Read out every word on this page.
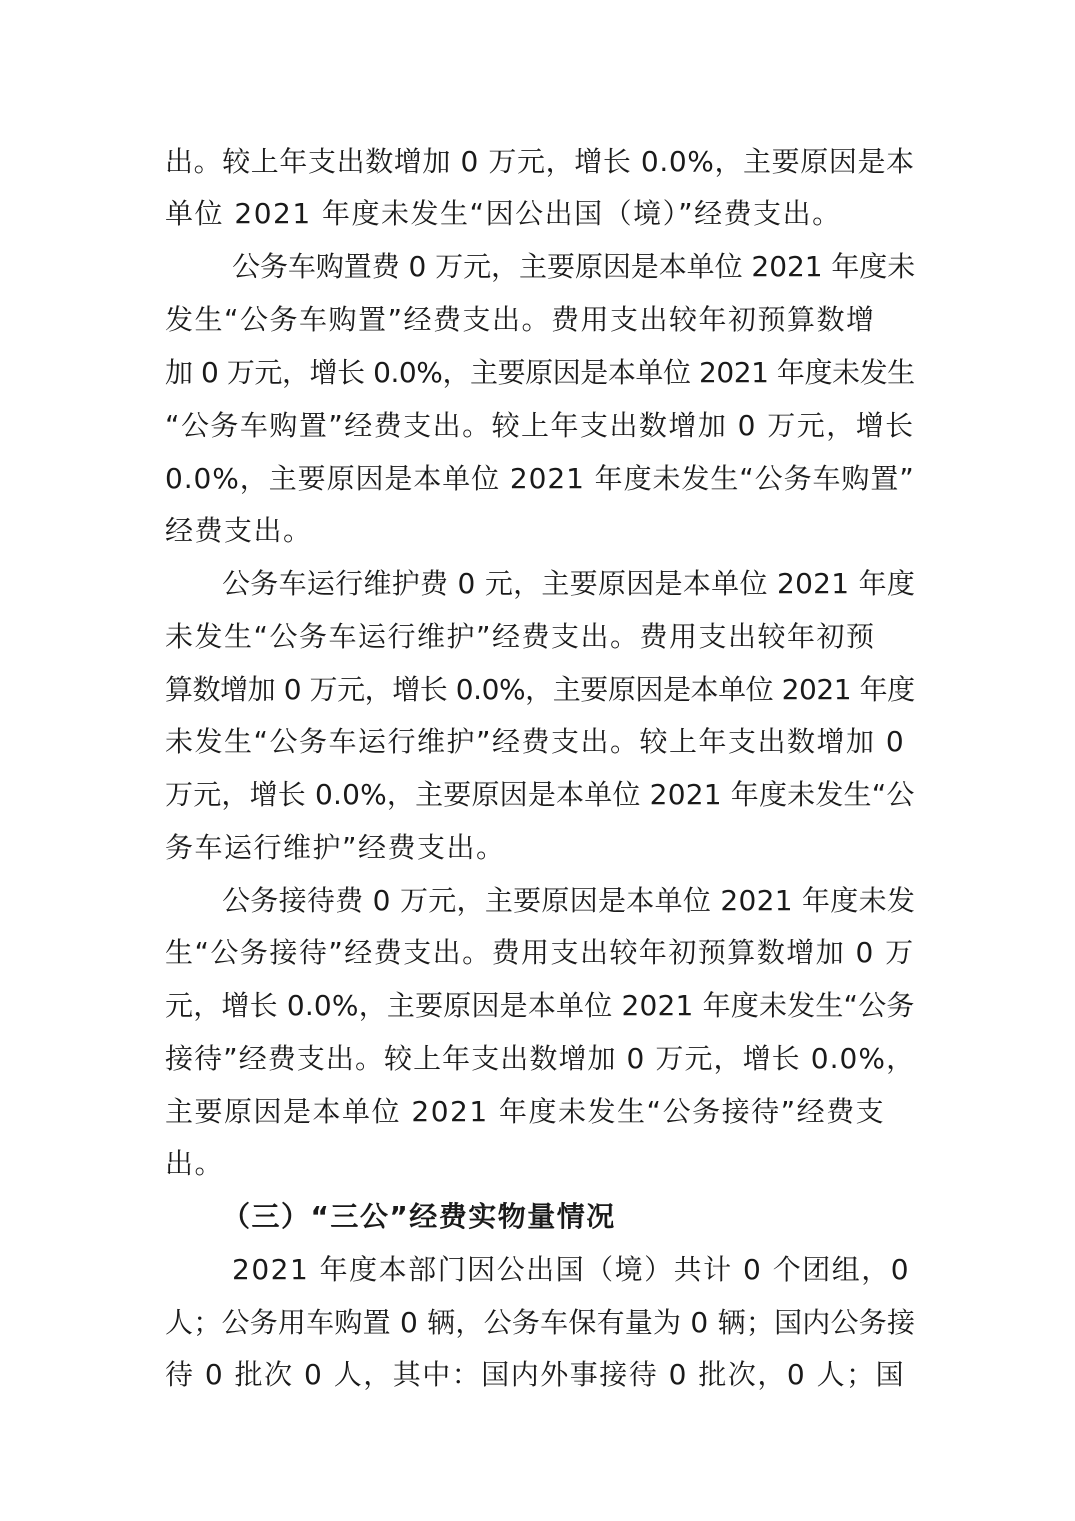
出。较上年支出数增加 0 万元，增长 0.0%，主要原因是本
单位 2021 年度未发生“因公出国（境）”经费支出。
公务车购置费 0 万元，主要原因是本单位 2021 年度未
发生“公务车购置”经费支出。费用支出较年初预算数增
加 0 万元，增长 0.0%，主要原因是本单位 2021 年度未发生
“公务车购置”经费支出。较上年支出数增加 0 万元，增长
0.0%，主要原因是本单位 2021 年度未发生“公务车购置”
经费支出。
公务车运行维护费 0 元，主要原因是本单位 2021 年度
未发生“公务车运行维护”经费支出。费用支出较年初预
算数增加 0 万元，增长 0.0%，主要原因是本单位 2021 年度
未发生“公务车运行维护”经费支出。较上年支出数增加 0
万元，增长 0.0%，主要原因是本单位 2021 年度未发生“公
务车运行维护”经费支出。
公务接待费 0 万元，主要原因是本单位 2021 年度未发
生“公务接待”经费支出。费用支出较年初预算数增加 0 万
元，增长 0.0%，主要原因是本单位 2021 年度未发生“公务
接待”经费支出。较上年支出数增加 0 万元，增长 0.0%，
主要原因是本单位 2021 年度未发生“公务接待”经费支
出。
（三）“三公”经费实物量情况
2021 年度本部门因公出国（境）共计 0 个团组，0
人；公务用车购置 0 辆，公务车保有量为 0 辆；国内公务接
待 0 批次 0 人，其中：国内外事接待 0 批次，0 人；国
